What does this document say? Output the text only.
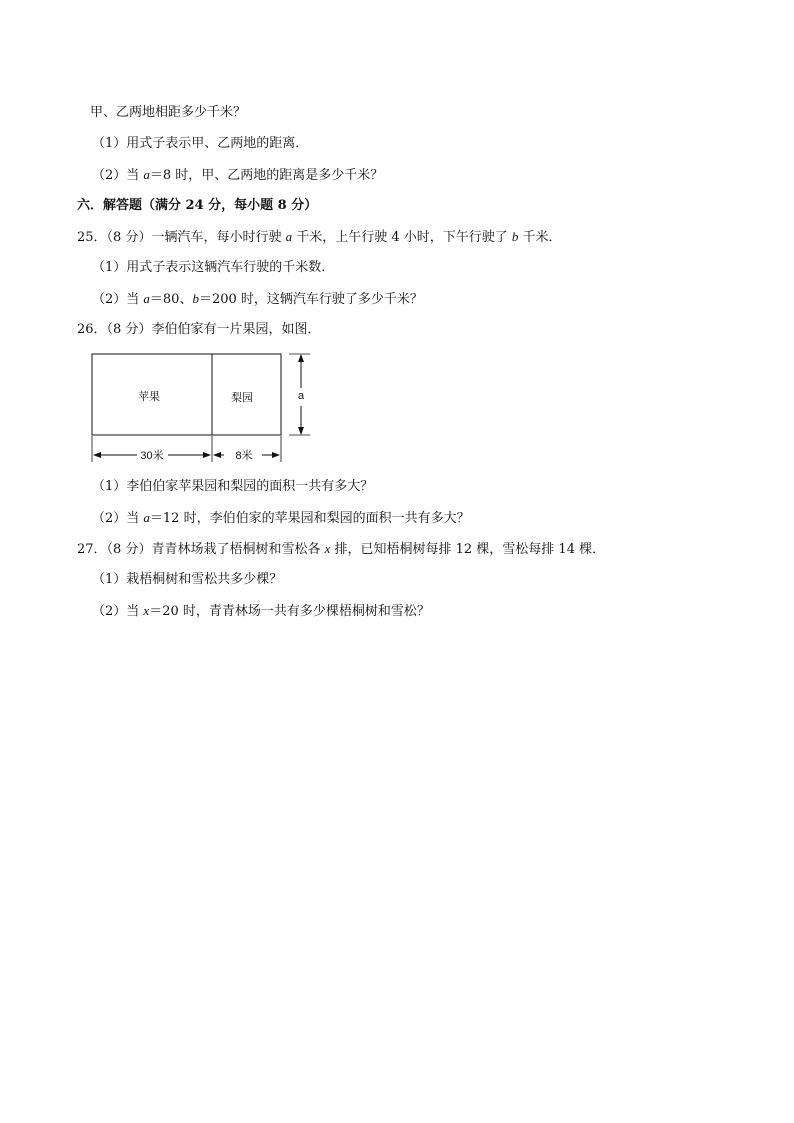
甲、乙两地相距多少千米？
（1）用式子表示甲、乙两地的距离．
（2）当 a＝8 时，甲、乙两地的距离是多少千米？
六．解答题（满分 24 分，每小题 8 分）
25．（8 分）一辆汽车，每小时行驶 a 千米，上午行驶 4 小时，下午行驶了 b 千米．
（1）用式子表示这辆汽车行驶的千米数．
（2）当 a＝80、b＝200 时，这辆汽车行驶了多少千米？
26．（8 分）李伯伯家有一片果园，如图．
苹果	梨园	a
30米	8米
（1）李伯伯家苹果园和梨园的面积一共有多大？
（2）当 a＝12 时，李伯伯家的苹果园和梨园的面积一共有多大？
27．（8 分）青青林场栽了梧桐树和雪松各 x 排，已知梧桐树每排 12 棵，雪松每排 14 棵．
（1）栽梧桐树和雪松共多少棵？
（2）当 x＝20 时，青青林场一共有多少棵梧桐树和雪松？
